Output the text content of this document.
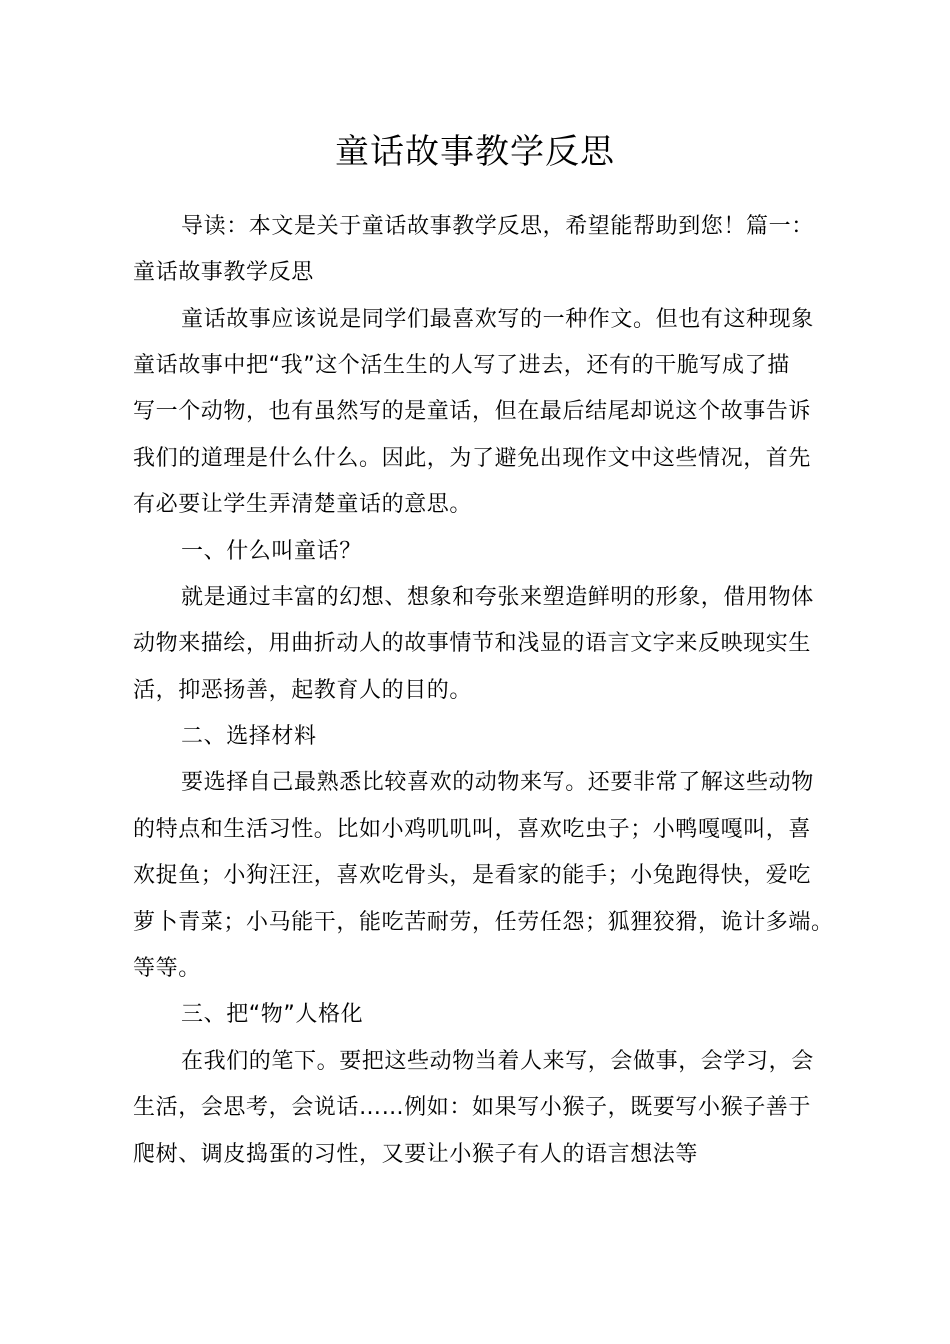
童话故事教学反思

导读：本文是关于童话故事教学反思，希望能帮助到您！篇一：

童话故事教学反思

童话故事应该说是同学们最喜欢写的一种作文。但也有这种现象

童话故事中把“我”这个活生生的人写了进去，还有的干脆写成了描

写一个动物，也有虽然写的是童话，但在最后结尾却说这个故事告诉

我们的道理是什么什么。因此，为了避免出现作文中这些情况，首先

有必要让学生弄清楚童话的意思。

一、什么叫童话？

就是通过丰富的幻想、想象和夸张来塑造鲜明的形象，借用物体

动物来描绘，用曲折动人的故事情节和浅显的语言文字来反映现实生

活，抑恶扬善，起教育人的目的。

二、选择材料

要选择自己最熟悉比较喜欢的动物来写。还要非常了解这些动物

的特点和生活习性。比如小鸡叽叽叫，喜欢吃虫子；小鸭嘎嘎叫，喜

欢捉鱼；小狗汪汪，喜欢吃骨头，是看家的能手；小兔跑得快，爱吃

萝卜青菜；小马能干，能吃苦耐劳，任劳任怨；狐狸狡猾，诡计多端。

等等。

三、把“物”人格化

在我们的笔下。要把这些动物当着人来写，会做事，会学习，会

生活，会思考，会说话……例如：如果写小猴子，既要写小猴子善于

爬树、调皮捣蛋的习性，又要让小猴子有人的语言想法等
